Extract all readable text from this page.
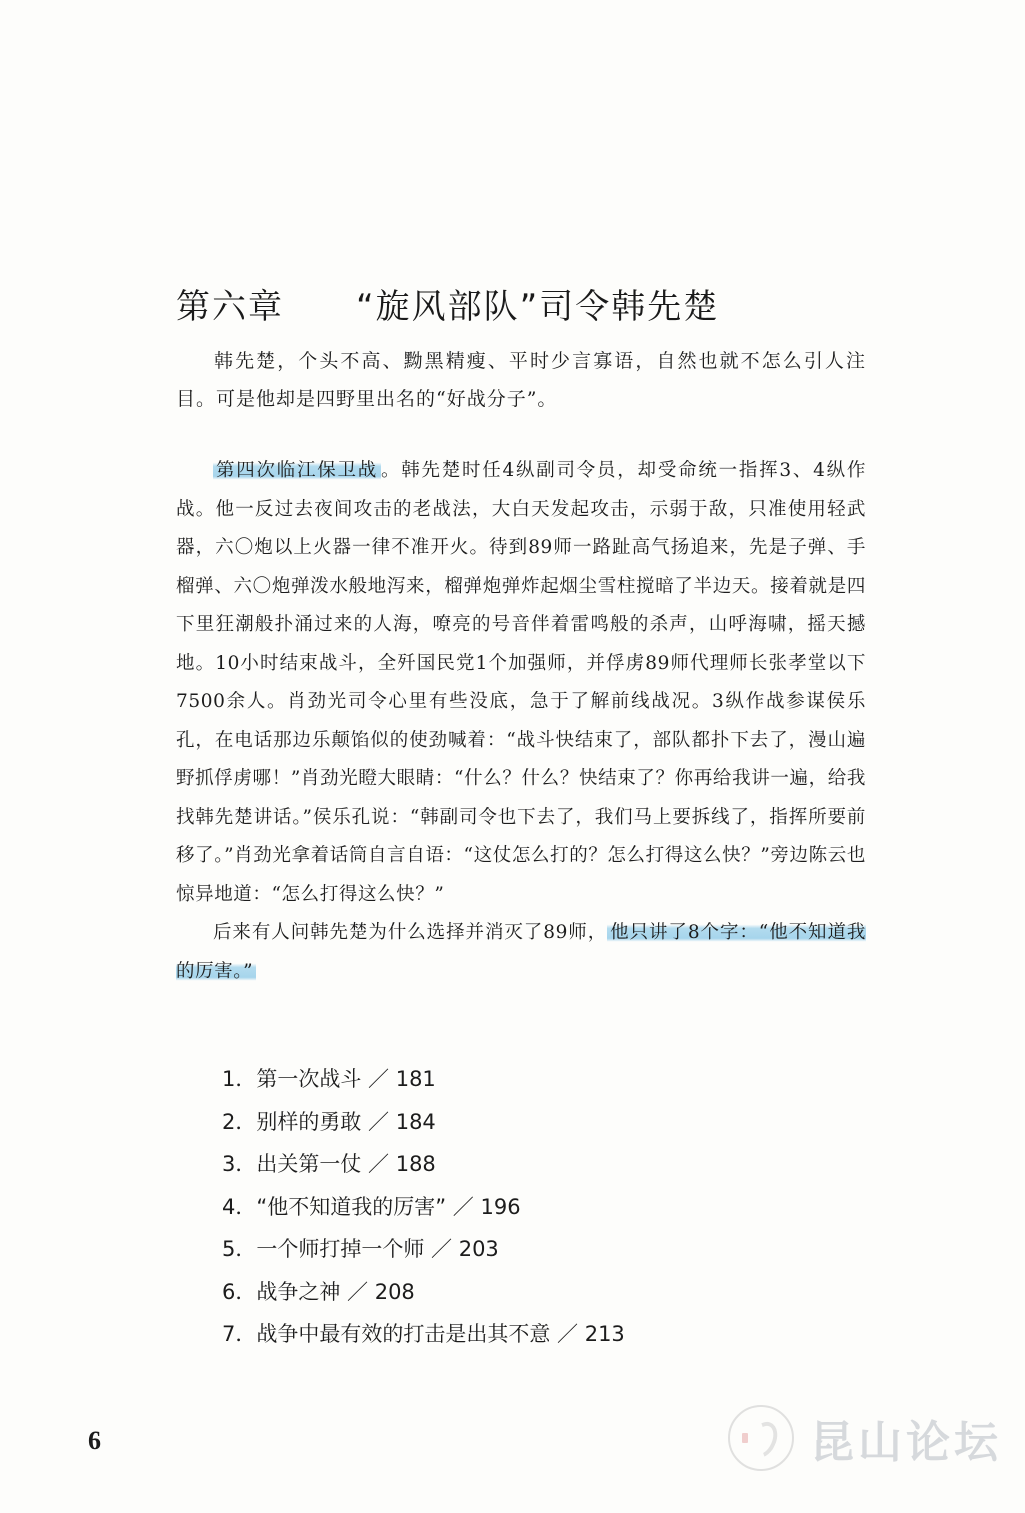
第六章　　“旋风部队”司令韩先楚

韩先楚，个头不高、黝黑精瘦、平时少言寡语，自然也就不怎么引人注目。可是他却是四野里出名的“好战分子”。

第四次临江保卫战 。韩先楚时任4纵副司令员，却受命统一指挥3、4纵作战。他一反过去夜间攻击的老战法，大白天发起攻击，示弱于敌，只准使用轻武器，六〇炮以上火器一律不准开火。待到89师一路趾高气扬追来，先是子弹、手榴弹、六〇炮弹泼水般地泻来，榴弹炮弹炸起烟尘雪柱搅暗了半边天。接着就是四下里狂潮般扑涌过来的人海，嘹亮的号音伴着雷鸣般的杀声，山呼海啸，摇天撼地。10小时结束战斗，全歼国民党1个加强师，并俘虏89师代理师长张孝堂以下7500余人。肖劲光司令心里有些没底，急于了解前线战况。3纵作战参谋侯乐孔，在电话那边乐颠馅似的使劲喊着：“战斗快结束了，部队都扑下去了，漫山遍野抓俘虏哪！”肖劲光瞪大眼睛：“什么？什么？快结束了？你再给我讲一遍，给我找韩先楚讲话。”侯乐孔说：“韩副司令也下去了，我们马上要拆线了，指挥所要前移了。”肖劲光拿着话筒自言自语：“这仗怎么打的？怎么打得这么快？”旁边陈云也惊异地道：“怎么打得这么快？”

后来有人问韩先楚为什么选择并消灭了89师， 他只讲了8个字：“他不知道我的厉害。”

1．第一次战斗 ／ 181
2．别样的勇敢 ／ 184
3．出关第一仗 ／ 188
4．“他不知道我的厉害” ／ 196
5．一个师打掉一个师 ／ 203
6．战争之神 ／ 208
7．战争中最有效的打击是出其不意 ／ 213
6	昆山论坛
